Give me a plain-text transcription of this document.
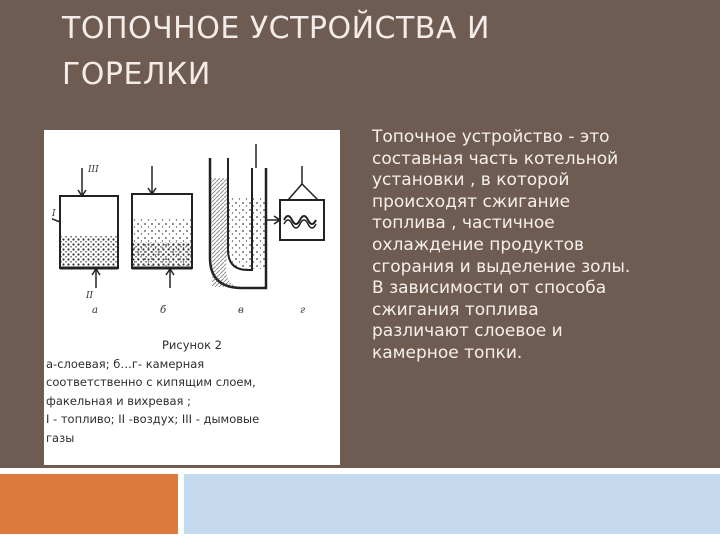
ТОПОЧНОЕ УСТРОЙСТВА И
ГОРЕЛКИ
а	б	в	г
I
II
III
Рисунок 2
а-слоевая; б…г- камерная
соответственно с кипящим слоем,
факельная и вихревая ;
I - топливо; II -воздух; III - дымовые
газы
Топочное устройство - это
составная часть котельной
установки , в которой
происходят сжигание
топлива , частичное
охлаждение продуктов
сгорания и выделение золы.
В зависимости от способа
сжигания топлива
различают слоевое и
камерное топки.
